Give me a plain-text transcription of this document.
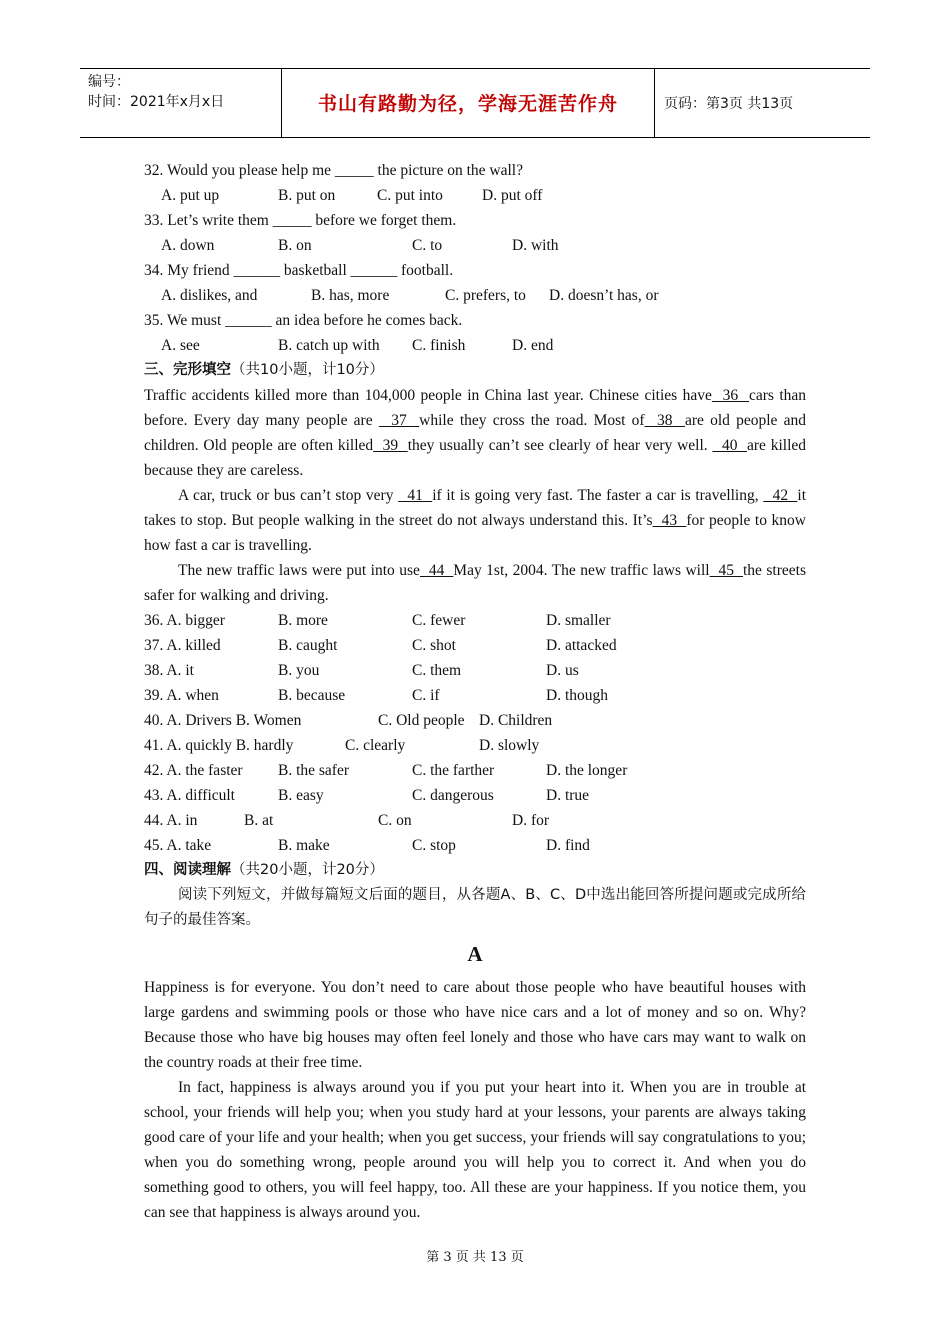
编号：
时间：2021年x月x日	书山有路勤为径，学海无涯苦作舟	页码：第3页 共13页
32. Would you please help me _____ the picture on the wall?
A. put up	B. put on	C. put into	D. put off
33. Let’s write them _____ before we forget them.
A. down	B. on	C. to	D. with
34. My friend ______ basketball ______ football.
A. dislikes, and	B. has, more	C. prefers, to D. doesn’t has, or
35. We must ______ an idea before he comes back.
A. see	B. catch up with C. finish	D. end
三、完形填空（共10小题，计10分）

Traffic accidents killed more than 104,000 people in China last year. Chinese cities have  36  cars than before. Every day many people are   37  while they cross the road. Most of  38  are old people and children. Old people are often killed  39  they usually can’t see clearly of hear very well.   40  are killed because they are careless.

A car, truck or bus can’t stop very   41  if it is going very fast. The faster a car is travelling,   42  it takes to stop. But people walking in the street do not always understand this. It’s  43  for people to know how fast a car is travelling.

The new traffic laws were put into use  44  May 1st, 2004. The new traffic laws will  45  the streets safer for walking and driving.

36. A. bigger	B. more	C. fewer	D. smaller
37. A. killed	B. caught	C. shot	D. attacked
38. A. it	B. you	C. them	D. us
39. A. when	B. because	C. if	D. though
40. A. Drivers B. Women	C. Old people D. Children
41. A. quickly B. hardly	C. clearly	D. slowly
42. A. the faster B. the safer	C. the farther	D. the longer
43. A. difficult	B. easy	C. dangerous	D. true
44. A. in	B. at	C. on	D. for
45. A. take	B. make	C. stop	D. find
四、阅读理解（共20小题，计20分）

阅读下列短文，并做每篇短文后面的题目，从各题A、B、C、D中选出能回答所提问题或完成所给句子的最佳答案。

A

Happiness is for everyone. You don’t need to care about those people who have beautiful houses with large gardens and swimming pools or those who have nice cars and a lot of money and so on. Why? Because those who have big houses may often feel lonely and those who have cars may want to walk on the country roads at their free time.

In fact, happiness is always around you if you put your heart into it. When you are in trouble at school, your friends will help you; when you study hard at your lessons, your parents are always taking good care of your life and your health; when you get success, your friends will say congratulations to you; when you do something wrong, people around you will help you to correct it. And when you do something good to others, you will feel happy, too. All these are your happiness. If you notice them, you can see that happiness is always around you.

第 3 页 共 13 页
